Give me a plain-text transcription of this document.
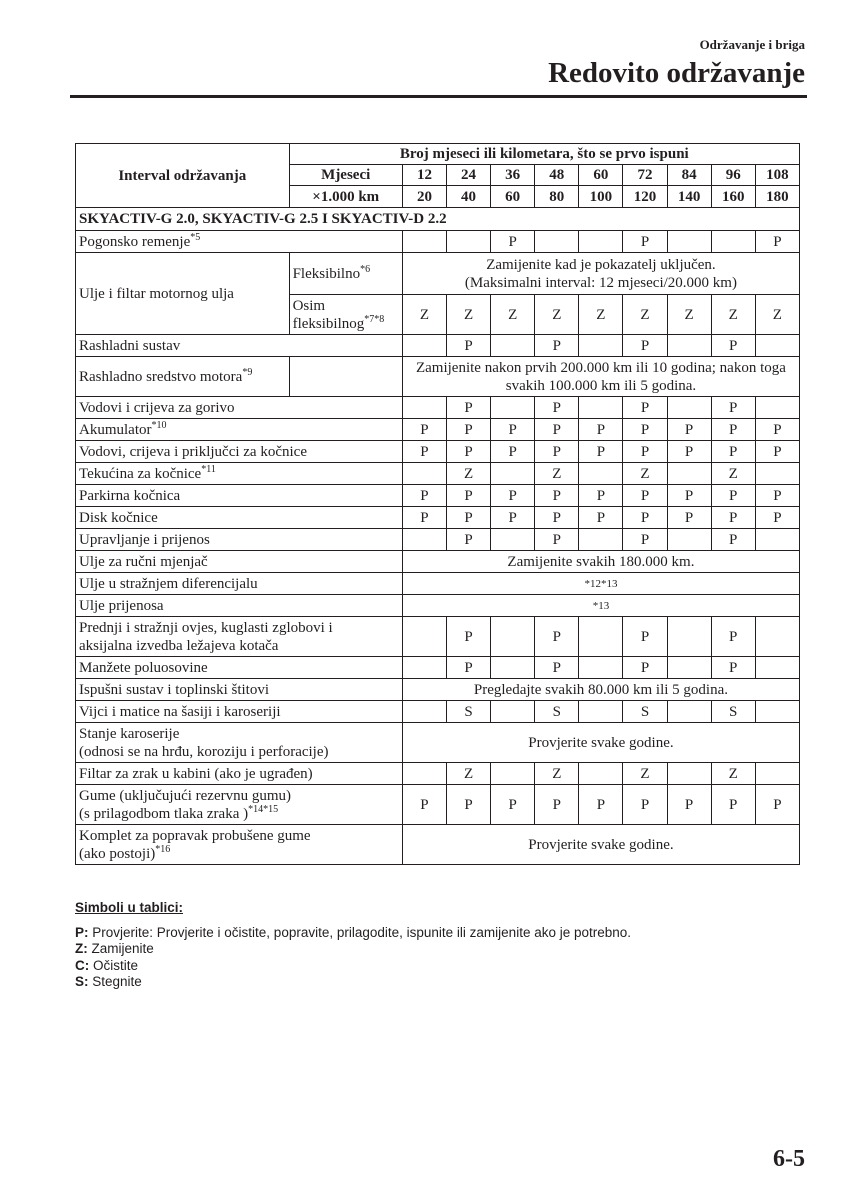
Održavanje i briga
Redovito održavanje
Interval održavanja	Broj mjeseci ili kilometara, što se prvo ispuni									
	Mjeseci	12	24	36	48	60	72	84	96	108
	×1.000 km	20	40	60	80	100	120	140	160	180
SKYACTIV-G 2.0, SKYACTIV-G 2.5 I SKYACTIV-D 2.2										
Pogonsko remenje$^{*5}$				P			P			P
Ulje i filtar motornog ulja	Fleksibilno$^{*6}$	Zamijenite kad je pokazatelj uključen.
(Maksimalni interval: 12 mjeseci/20.000 km)								
	Osim
fleksibilnog$^{*7*8}$	Z	Z	Z	Z	Z	Z	Z	Z	Z
Rashladni sustav			P		P		P		P	
Rashladno sredstvo motora$^{*9}$		Zamijenite nakon prvih 200.000 km ili 10 godina; nakon toga
svakih 100.000 km ili 5 godina.								
Vodovi i crijeva za gorivo			P		P		P		P	
Akumulator$^{*10}$		P	P	P	P	P	P	P	P	P
Vodovi, crijeva i priključci za kočnice		P	P	P	P	P	P	P	P	P
Tekućina za kočnice$^{*11}$			Z		Z		Z		Z	
Parkirna kočnica		P	P	P	P	P	P	P	P	P
Disk kočnice		P	P	P	P	P	P	P	P	P
Upravljanje i prijenos			P		P		P		P	
Ulje za ručni mjenjač		Zamijenite svakih 180.000 km.								
Ulje u stražnjem diferencijalu		*12*13								
Ulje prijenosa		*13								
Prednji i stražnji ovjes, kuglasti zglobovi i
aksijalna izvedba ležajeva kotača			P		P		P		P	
Manžete poluosovine			P		P		P		P	
Ispušni sustav i toplinski štitovi		Pregledajte svakih 80.000 km ili 5 godina.								
Vijci i matice na šasiji i karoseriji			S		S		S		S	
Stanje karoserije
(odnosi se na hrđu, koroziju i perforacije)		Provjerite svake godine.								
Filtar za zrak u kabini (ako je ugrađen)			Z		Z		Z		Z	
Gume (uključujući rezervnu gumu)
(s prilagodbom tlaka zraka )$^{*14*15}$		P	P	P	P	P	P	P	P	P
Komplet za popravak probušene gume
(ako postoji)$^{*16}$		Provjerite svake godine.								
Simboli u tablici:
P: Provjerite: Provjerite i očistite, popravite, prilagodite, ispunite ili zamijenite ako je potrebno.
Z: Zamijenite
C: Očistite
S: Stegnite
6-5
